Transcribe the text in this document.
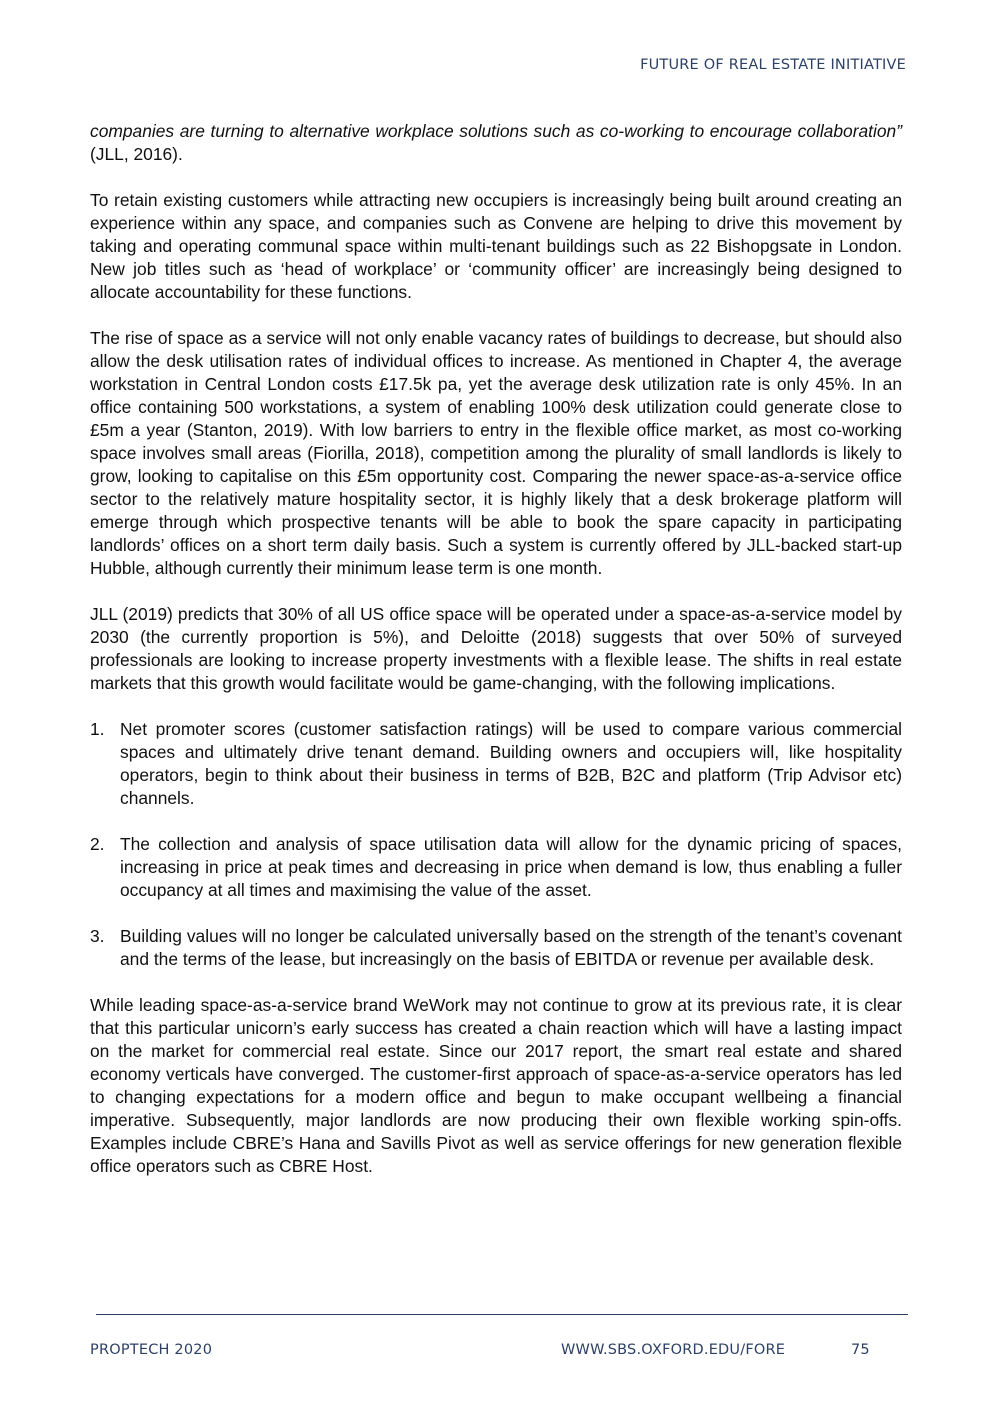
FUTURE OF REAL ESTATE INITIATIVE

companies are turning to alternative workplace solutions such as co-working to encourage collaboration” (JLL, 2016).

To retain existing customers while attracting new occupiers is increasingly being built around creating an experience within any space, and companies such as Convene are helping to drive this movement by taking and operating communal space within multi-tenant buildings such as 22 Bishopgsate in London. New job titles such as ‘head of workplace’ or ‘community officer’ are increasingly being designed to allocate accountability for these functions.

The rise of space as a service will not only enable vacancy rates of buildings to decrease, but should also allow the desk utilisation rates of individual offices to increase. As mentioned in Chapter 4, the average workstation in Central London costs £17.5k pa, yet the average desk utilization rate is only 45%. In an office containing 500 workstations, a system of enabling 100% desk utilization could generate close to £5m a year (Stanton, 2019). With low barriers to entry in the flexible office market, as most co-working space involves small areas (Fiorilla, 2018), competition among the plurality of small landlords is likely to grow, looking to capitalise on this £5m opportunity cost. Comparing the newer space-as-a-service office sector to the relatively mature hospitality sector, it is highly likely that a desk brokerage platform will emerge through which prospective tenants will be able to book the spare capacity in participating landlords’ offices on a short term daily basis. Such a system is currently offered by JLL-backed start-up Hubble, although currently their minimum lease term is one month.

JLL (2019) predicts that 30% of all US office space will be operated under a space-as-a-service model by 2030 (the currently proportion is 5%), and Deloitte (2018) suggests that over 50% of surveyed professionals are looking to increase property investments with a flexible lease. The shifts in real estate markets that this growth would facilitate would be game-changing, with the following implications.

1. Net promoter scores (customer satisfaction ratings) will be used to compare various commercial spaces and ultimately drive tenant demand. Building owners and occupiers will, like hospitality operators, begin to think about their business in terms of B2B, B2C and platform (Trip Advisor etc) channels.
2. The collection and analysis of space utilisation data will allow for the dynamic pricing of spaces, increasing in price at peak times and decreasing in price when demand is low, thus enabling a fuller occupancy at all times and maximising the value of the asset.
3. Building values will no longer be calculated universally based on the strength of the tenant’s covenant and the terms of the lease, but increasingly on the basis of EBITDA or revenue per available desk.

While leading space-as-a-service brand WeWork may not continue to grow at its previous rate, it is clear that this particular unicorn’s early success has created a chain reaction which will have a lasting impact on the market for commercial real estate. Since our 2017 report, the smart real estate and shared economy verticals have converged. The customer-first approach of space-as-a-service operators has led to changing expectations for a modern office and begun to make occupant wellbeing a financial imperative. Subsequently, major landlords are now producing their own flexible working spin-offs. Examples include CBRE’s Hana and Savills Pivot as well as service offerings for new generation flexible office operators such as CBRE Host.

PROPTECH 2020	WWW.SBS.OXFORD.EDU/FORE	75
